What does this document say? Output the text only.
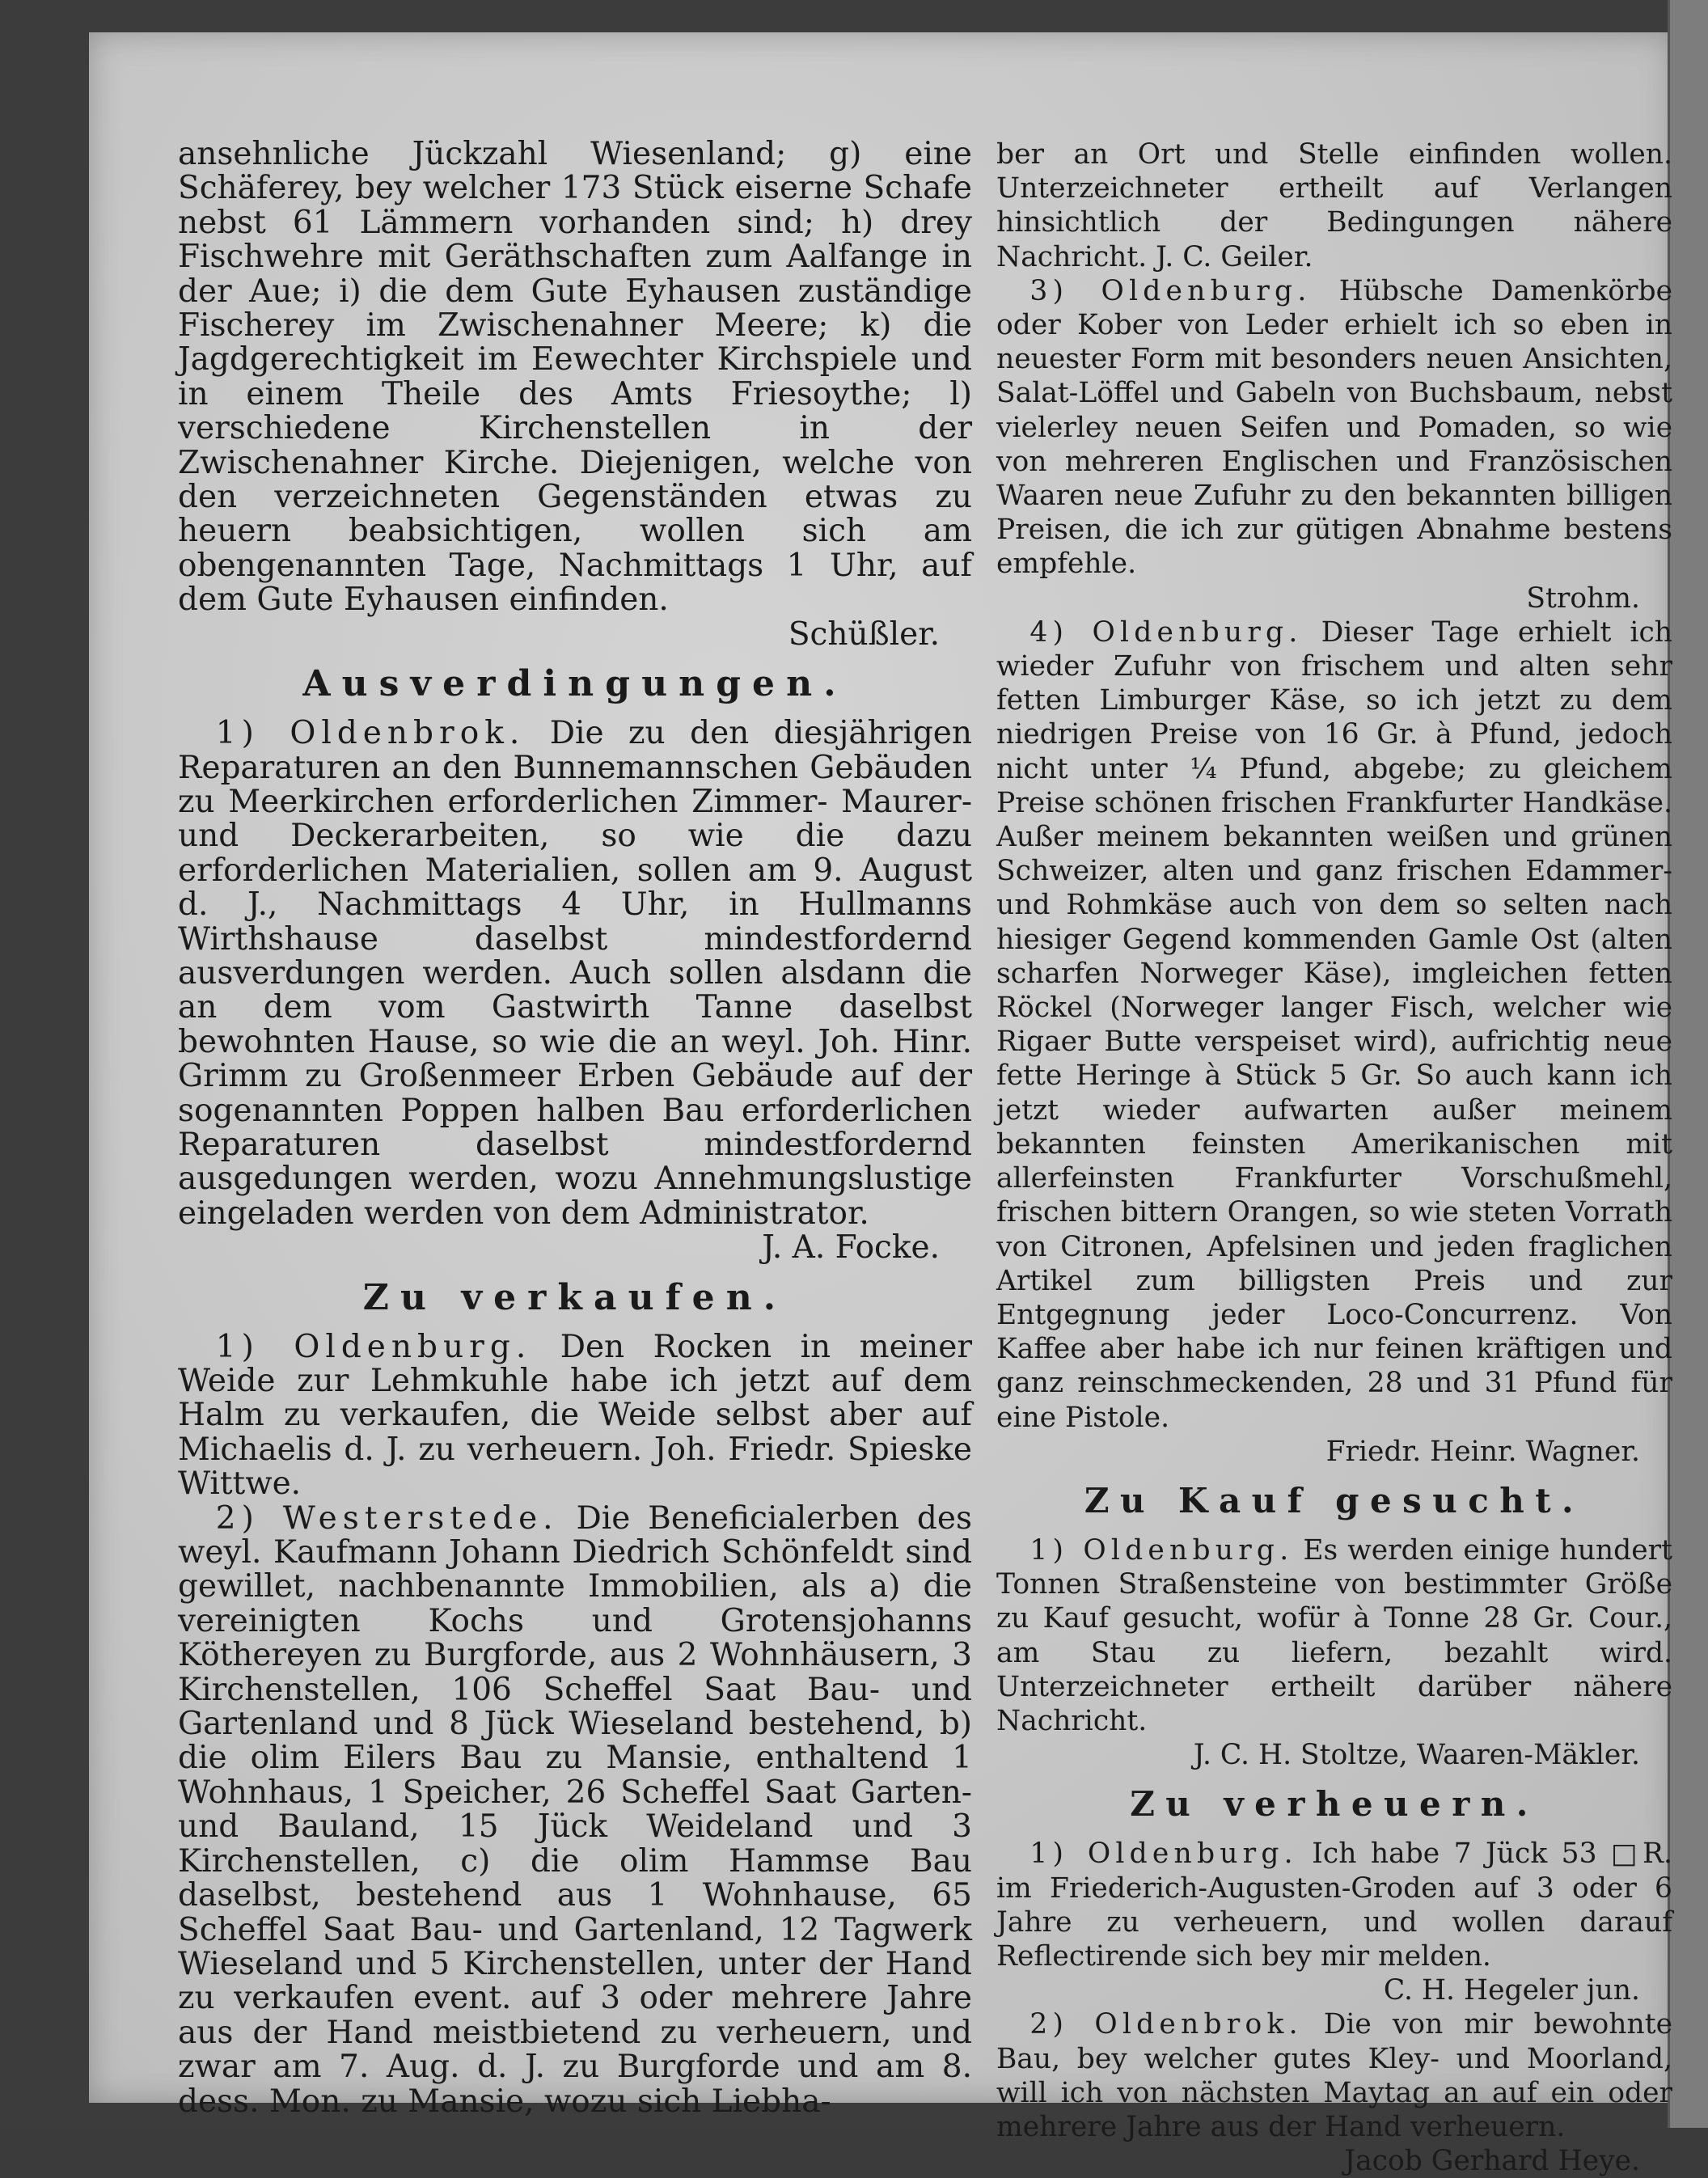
ansehnliche Jückzahl Wiesenland; g) eine Schäferey, bey welcher 173 Stück eiserne Schafe nebst 61 Lämmern vorhanden sind; h) drey Fischwehre mit Geräthschaften zum Aalfange in der Aue; i) die dem Gute Eyhausen zuständige Fischerey im Zwischenahner Meere; k) die Jagdgerechtigkeit im Eewechter Kirchspiele und in einem Theile des Amts Friesoythe; l) verschiedene Kirchenstellen in der Zwischenahner Kirche. Diejenigen, welche von den verzeichneten Gegenständen etwas zu heuern beabsichtigen, wollen sich am obengenannten Tage, Nachmittags 1 Uhr, auf dem Gute Eyhausen einfinden.

Schüßler.

Ausverdingungen.

1) Oldenbrok. Die zu den diesjährigen Reparaturen an den Bunnemannschen Gebäuden zu Meerkirchen erforderlichen Zimmer- Maurer- und Deckerarbeiten, so wie die dazu erforderlichen Materialien, sollen am 9. August d. J., Nachmittags 4 Uhr, in Hullmanns Wirthshause daselbst mindestfordernd ausverdungen werden. Auch sollen alsdann die an dem vom Gastwirth Tanne daselbst bewohnten Hause, so wie die an weyl. Joh. Hinr. Grimm zu Großenmeer Erben Gebäude auf der sogenannten Poppen halben Bau erforderlichen Reparaturen daselbst mindestfordernd ausgedungen werden, wozu Annehmungslustige eingeladen werden von dem Administrator.

J. A. Focke.

Zu verkaufen.

1) Oldenburg. Den Rocken in meiner Weide zur Lehmkuhle habe ich jetzt auf dem Halm zu verkaufen, die Weide selbst aber auf Michaelis d. J. zu verheuern. Joh. Friedr. Spieske Wittwe.

2) Westerstede. Die Beneficialerben des weyl. Kaufmann Johann Diedrich Schönfeldt sind gewillet, nachbenannte Immobilien, als a) die vereinigten Kochs und Grotensjohanns Köthereyen zu Burgforde, aus 2 Wohnhäusern, 3 Kirchenstellen, 106 Scheffel Saat Bau- und Gartenland und 8 Jück Wieseland bestehend, b) die olim Eilers Bau zu Mansie, enthaltend 1 Wohnhaus, 1 Speicher, 26 Scheffel Saat Garten- und Bauland, 15 Jück Weideland und 3 Kirchenstellen, c) die olim Hammse Bau daselbst, bestehend aus 1 Wohnhause, 65 Scheffel Saat Bau- und Gartenland, 12 Tagwerk Wieseland und 5 Kirchenstellen, unter der Hand zu verkaufen event. auf 3 oder mehrere Jahre aus der Hand meistbietend zu verheuern, und zwar am 7. Aug. d. J. zu Burgforde und am 8. dess. Mon. zu Mansie, wozu sich Liebha-

ber an Ort und Stelle einfinden wollen. Unterzeichneter ertheilt auf Verlangen hinsichtlich der Bedingungen nähere Nachricht. J. C. Geiler.

3) Oldenburg. Hübsche Damenkörbe oder Kober von Leder erhielt ich so eben in neuester Form mit besonders neuen Ansichten, Salat-Löffel und Gabeln von Buchsbaum, nebst vielerley neuen Seifen und Pomaden, so wie von mehreren Englischen und Französischen Waaren neue Zufuhr zu den bekannten billigen Preisen, die ich zur gütigen Abnahme bestens empfehle.

Strohm.

4) Oldenburg. Dieser Tage erhielt ich wieder Zufuhr von frischem und alten sehr fetten Limburger Käse, so ich jetzt zu dem niedrigen Preise von 16 Gr. à Pfund, jedoch nicht unter ¼ Pfund, abgebe; zu gleichem Preise schönen frischen Frankfurter Handkäse. Außer meinem bekannten weißen und grünen Schweizer, alten und ganz frischen Edammer- und Rohmkäse auch von dem so selten nach hiesiger Gegend kommenden Gamle Ost (alten scharfen Norweger Käse), imgleichen fetten Röckel (Norweger langer Fisch, welcher wie Rigaer Butte verspeiset wird), aufrichtig neue fette Heringe à Stück 5 Gr. So auch kann ich jetzt wieder aufwarten außer meinem bekannten feinsten Amerikanischen mit allerfeinsten Frankfurter Vorschußmehl, frischen bittern Orangen, so wie steten Vorrath von Citronen, Apfelsinen und jeden fraglichen Artikel zum billigsten Preis und zur Entgegnung jeder Loco-Concurrenz. Von Kaffee aber habe ich nur feinen kräftigen und ganz reinschmeckenden, 28 und 31 Pfund für eine Pistole.

Friedr. Heinr. Wagner.

Zu Kauf gesucht.

1) Oldenburg. Es werden einige hundert Tonnen Straßensteine von bestimmter Größe zu Kauf gesucht, wofür à Tonne 28 Gr. Cour., am Stau zu liefern, bezahlt wird. Unterzeichneter ertheilt darüber nähere Nachricht.

J. C. H. Stoltze, Waaren-Mäkler.

Zu verheuern.

1) Oldenburg. Ich habe 7 Jück 53 □R. im Friederich-Augusten-Groden auf 3 oder 6 Jahre zu verheuern, und wollen darauf Reflectirende sich bey mir melden.

C. H. Hegeler jun.

2) Oldenbrok. Die von mir bewohnte Bau, bey welcher gutes Kley- und Moorland, will ich von nächsten Maytag an auf ein oder mehrere Jahre aus der Hand verheuern.

Jacob Gerhard Heye.
